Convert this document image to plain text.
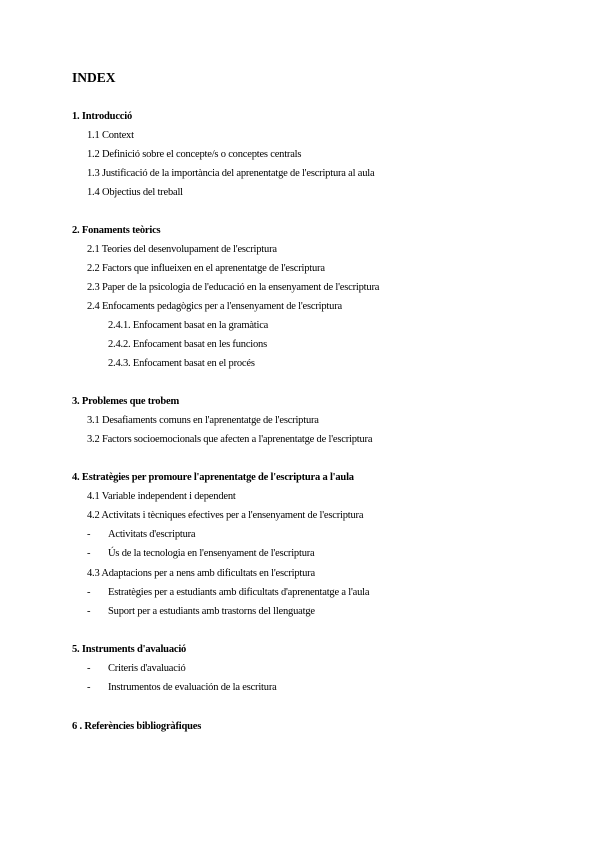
INDEX
1. Introducció
1.1 Context
1.2 Definició sobre el concepte/s o conceptes centrals
1.3 Justificació de la importància del aprenentatge de l'escriptura al aula
1.4 Objectius del treball
2. Fonaments teòrics
2.1 Teories del desenvolupament de l'escriptura
2.2 Factors que influeixen en el aprenentatge de l'escriptura
2.3 Paper de la psicologia de l'educació en la ensenyament de l'escriptura
2.4 Enfocaments pedagògics per a l'ensenyament de l'escriptura
2.4.1. Enfocament basat en la gramàtica
2.4.2. Enfocament basat en les funcions
2.4.3. Enfocament basat en el procés
3. Problemes que trobem
3.1 Desafiaments comuns en l'aprenentatge de l'escriptura
3.2 Factors socioemocionals que afecten a l'aprenentatge de l'escriptura
4. Estratègies per promoure l'aprenentatge de l'escriptura a l'aula
4.1 Variable independent i dependent
4.2 Activitats i tècniques efectives per a l'ensenyament de l'escriptura
- Activitats d'escriptura
- Ús de la tecnologia en l'ensenyament de l'escriptura
4.3 Adaptacions per a nens amb dificultats en l'escriptura
- Estratègies per a estudiants amb dificultats d'aprenentatge a l'aula
- Suport per a estudiants amb trastorns del llenguatge
5. Instruments d'avaluació
- Criteris d'avaluació
- Instrumentos de evaluación de la escritura
6 . Referències bibliogràfiques
